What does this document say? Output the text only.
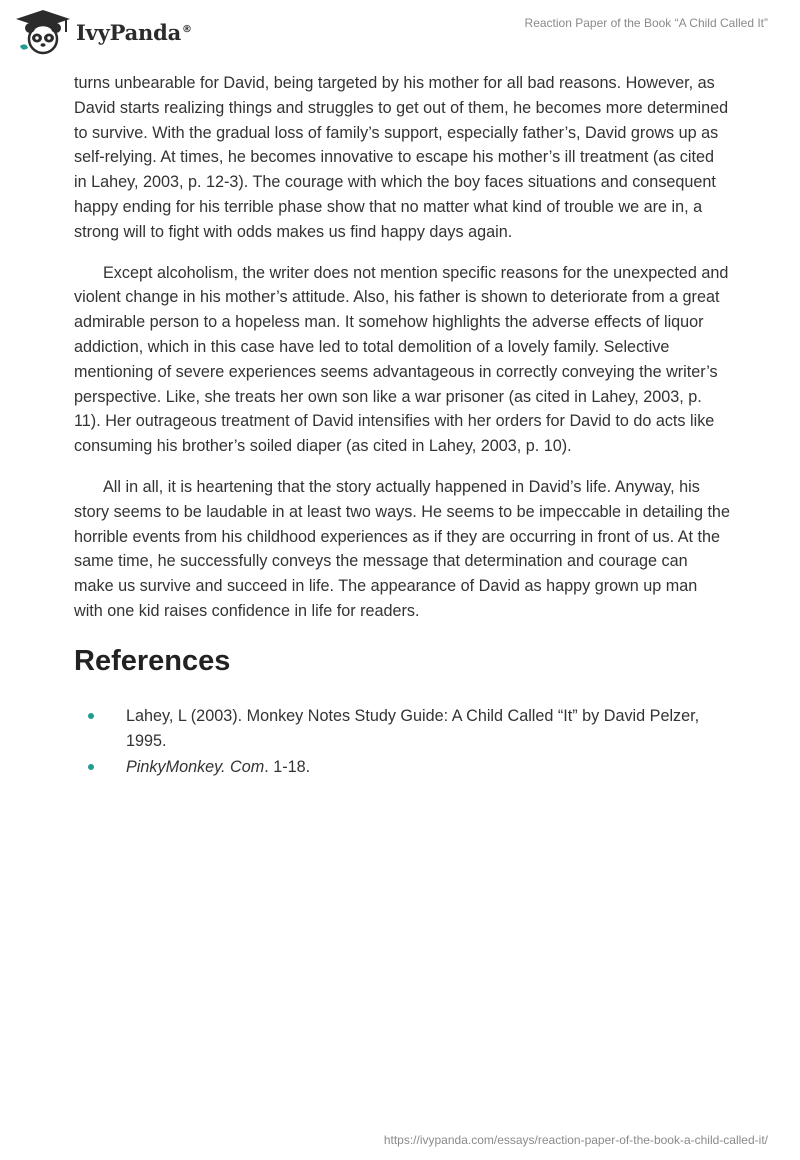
IvyPanda®	Reaction Paper of the Book “A Child Called It”

turns unbearable for David, being targeted by his mother for all bad reasons. However, as David starts realizing things and struggles to get out of them, he becomes more determined to survive. With the gradual loss of family’s support, especially father’s, David grows up as self-relying. At times, he becomes innovative to escape his mother’s ill treatment (as cited in Lahey, 2003, p. 12-3). The courage with which the boy faces situations and consequent happy ending for his terrible phase show that no matter what kind of trouble we are in, a strong will to fight with odds makes us find happy days again.

Except alcoholism, the writer does not mention specific reasons for the unexpected and violent change in his mother’s attitude. Also, his father is shown to deteriorate from a great admirable person to a hopeless man. It somehow highlights the adverse effects of liquor addiction, which in this case have led to total demolition of a lovely family. Selective mentioning of severe experiences seems advantageous in correctly conveying the writer’s perspective. Like, she treats her own son like a war prisoner (as cited in Lahey, 2003, p. 11). Her outrageous treatment of David intensifies with her orders for David to do acts like consuming his brother’s soiled diaper (as cited in Lahey, 2003, p. 10).

All in all, it is heartening that the story actually happened in David’s life. Anyway, his story seems to be laudable in at least two ways. He seems to be impeccable in detailing the horrible events from his childhood experiences as if they are occurring in front of us. At the same time, he successfully conveys the message that determination and courage can make us survive and succeed in life. The appearance of David as happy grown up man with one kid raises confidence in life for readers.

References
Lahey, L (2003). Monkey Notes Study Guide: A Child Called “It” by David Pelzer, 1995.
PinkyMonkey. Com. 1-18.
https://ivypanda.com/essays/reaction-paper-of-the-book-a-child-called-it/
